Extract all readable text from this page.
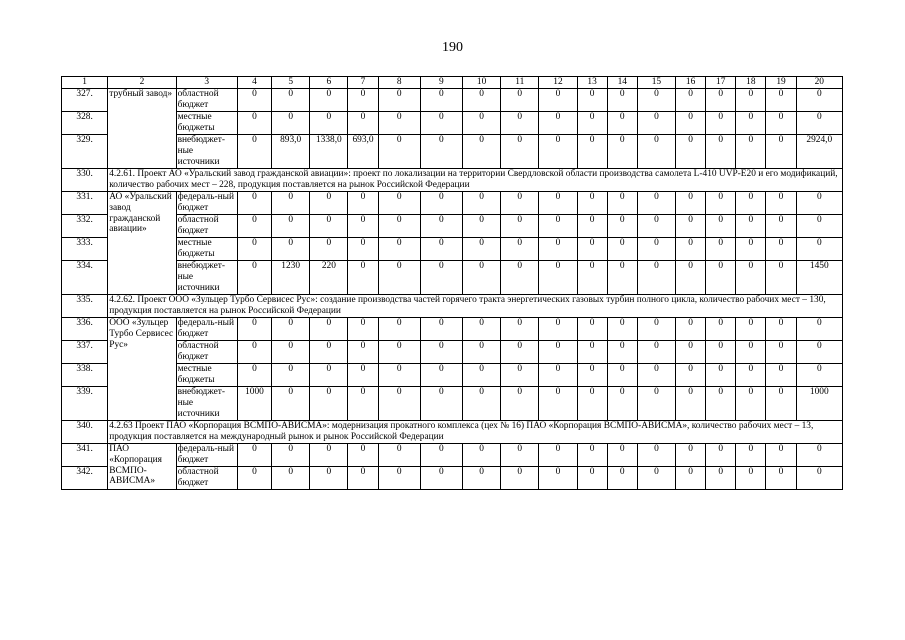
190
1	2	3	4	5	6	7	8	9	10	11	12	13	14	15	16	17	18	19	20
327.	трубный завод»	областной бюджет	0	0	0	0	0	0	0	0	0	0	0	0	0	0	0	0	0
328.		местные бюджеты	0	0	0	0	0	0	0	0	0	0	0	0	0	0	0	0	0
329.		внебюджет-ные источники	0	893,0	1338,0	693,0	0	0	0	0	0	0	0	0	0	0	0	0	2924,0
330.	4.2.61. Проект АО «Уральский завод гражданской авиации»: проект по локализации на территории Свердловской области производства самолета L-410 UVP-E20 и его модификаций, количество рабочих мест – 228, продукция поставляется на рынок Российской Федерации																		
331.	АО «Уральский завод гражданской авиации»	федераль-ный бюджет	0	0	0	0	0	0	0	0	0	0	0	0	0	0	0	0	0
332.		областной бюджет	0	0	0	0	0	0	0	0	0	0	0	0	0	0	0	0	0
333.		местные бюджеты	0	0	0	0	0	0	0	0	0	0	0	0	0	0	0	0	0
334.		внебюджет-ные источники	0	1230	220	0	0	0	0	0	0	0	0	0	0	0	0	0	1450
335.	4.2.62. Проект ООО «Зульцер Турбо Сервисес Рус»: создание производства частей горячего тракта энергетических газовых турбин полного цикла, количество рабочих мест – 130, продукция поставляется на рынок Российской Федерации																		
336.	ООО «Зульцер Турбо Сервисес Рус»	федераль-ный бюджет	0	0	0	0	0	0	0	0	0	0	0	0	0	0	0	0	0
337.		областной бюджет	0	0	0	0	0	0	0	0	0	0	0	0	0	0	0	0	0
338.		местные бюджеты	0	0	0	0	0	0	0	0	0	0	0	0	0	0	0	0	0
339.		внебюджет-ные источники	1000	0	0	0	0	0	0	0	0	0	0	0	0	0	0	0	1000
340.	4.2.63 Проект ПАО «Корпорация ВСМПО-АВИСМА»: модернизация прокатного комплекса (цех № 16) ПАО «Корпорация ВСМПО-АВИСМА», количество рабочих мест – 13, продукция поставляется на международный рынок и рынок Российской Федерации																		
341.	ПАО «Корпорация ВСМПО-АВИСМА»	федераль-ный бюджет	0	0	0	0	0	0	0	0	0	0	0	0	0	0	0	0	0
342.		областной бюджет	0	0	0	0	0	0	0	0	0	0	0	0	0	0	0	0	0
